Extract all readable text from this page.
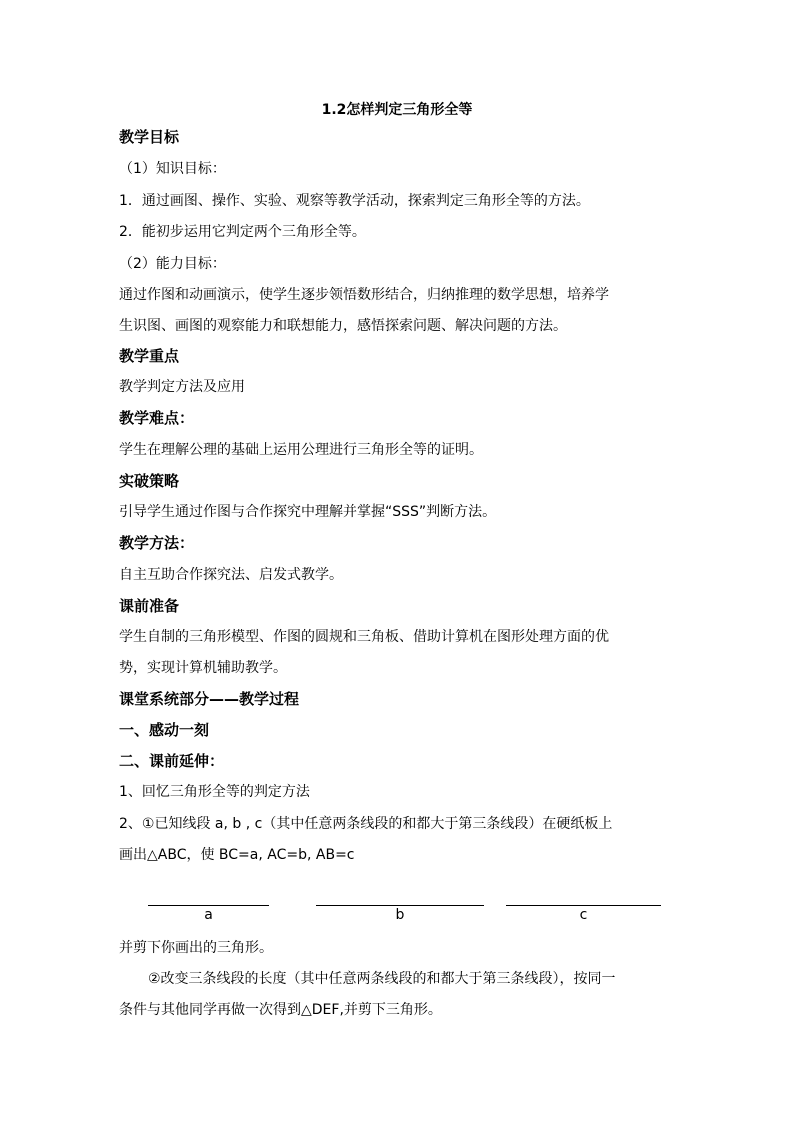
1.2怎样判定三角形全等
教学目标
（1）知识目标：
1．通过画图、操作、实验、观察等教学活动，探索判定三角形全等的方法。
2．能初步运用它判定两个三角形全等。
（2）能力目标：
通过作图和动画演示，使学生逐步领悟数形结合，归纳推理的数学思想，培养学
生识图、画图的观察能力和联想能力，感悟探索问题、解决问题的方法。
教学重点
教学判定方法及应用
教学难点：
学生在理解公理的基础上运用公理进行三角形全等的证明。
实破策略
引导学生通过作图与合作探究中理解并掌握“SSS”判断方法。
教学方法：
自主互助合作探究法、启发式教学。
课前准备
学生自制的三角形模型、作图的圆规和三角板、借助计算机在图形处理方面的优
势，实现计算机辅助教学。
课堂系统部分——教学过程
一、感动一刻
二、课前延伸：
1、回忆三角形全等的判定方法
2、①已知线段 a, b , c（其中任意两条线段的和都大于第三条线段）在硬纸板上
画出△ABC，使 BC=a, AC=b, AB=c
a	b	c
并剪下你画出的三角形。
②改变三条线段的长度（其中任意两条线段的和都大于第三条线段），按同一
条件与其他同学再做一次得到△DEF,并剪下三角形。
